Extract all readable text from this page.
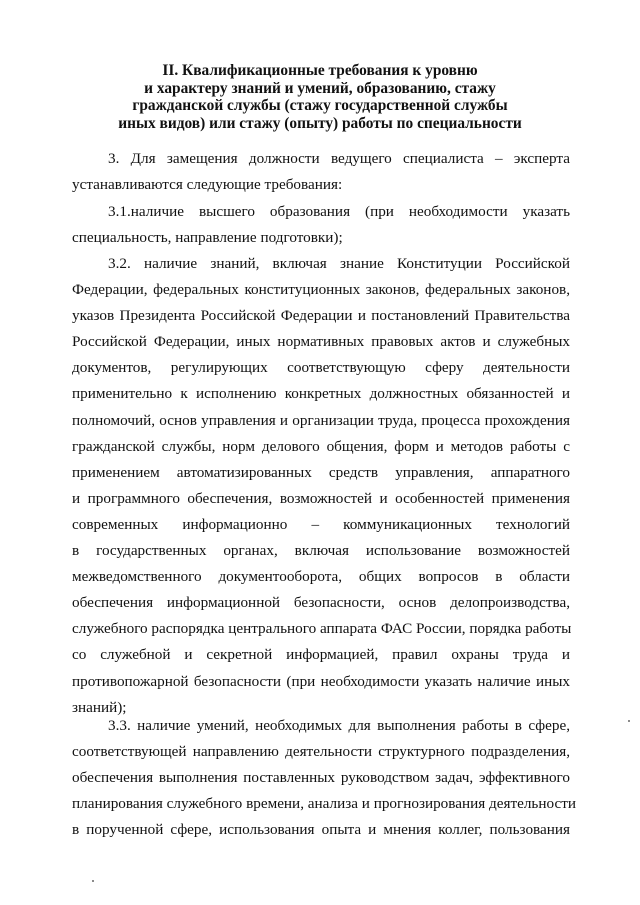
II. Квалификационные требования к уровню
и характеру знаний и умений, образованию, стажу
гражданской службы (стажу государственной службы
иных видов) или стажу (опыту) работы по специальности
3. Для замещения должности ведущего специалиста – эксперта
устанавливаются следующие требования:
3.1.наличие высшего образования (при необходимости указать
специальность, направление подготовки);
3.2. наличие знаний, включая знание Конституции Российской
Федерации, федеральных конституционных законов, федеральных законов,
указов Президента Российской Федерации и постановлений Правительства
Российской Федерации, иных нормативных правовых актов и служебных
документов, регулирующих соответствующую сферу деятельности
применительно к исполнению конкретных должностных обязанностей и
полномочий, основ управления и организации труда, процесса прохождения
гражданской службы, норм делового общения, форм и методов работы с
применением автоматизированных средств управления, аппаратного
и программного обеспечения, возможностей и особенностей применения
современных информационно – коммуникационных технологий
в государственных органах, включая использование возможностей
межведомственного документооборота, общих вопросов в области
обеспечения информационной безопасности, основ делопроизводства,
служебного распорядка центрального аппарата ФАС России, порядка работы
со служебной и секретной информацией, правил охраны труда и
противопожарной безопасности (при необходимости указать наличие иных
знаний);
3.3. наличие умений, необходимых для выполнения работы в сфере,
соответствующей направлению деятельности структурного подразделения,
обеспечения выполнения поставленных руководством задач, эффективного
планирования служебного времени, анализа и прогнозирования деятельности
в порученной сфере, использования опыта и мнения коллег, пользования
